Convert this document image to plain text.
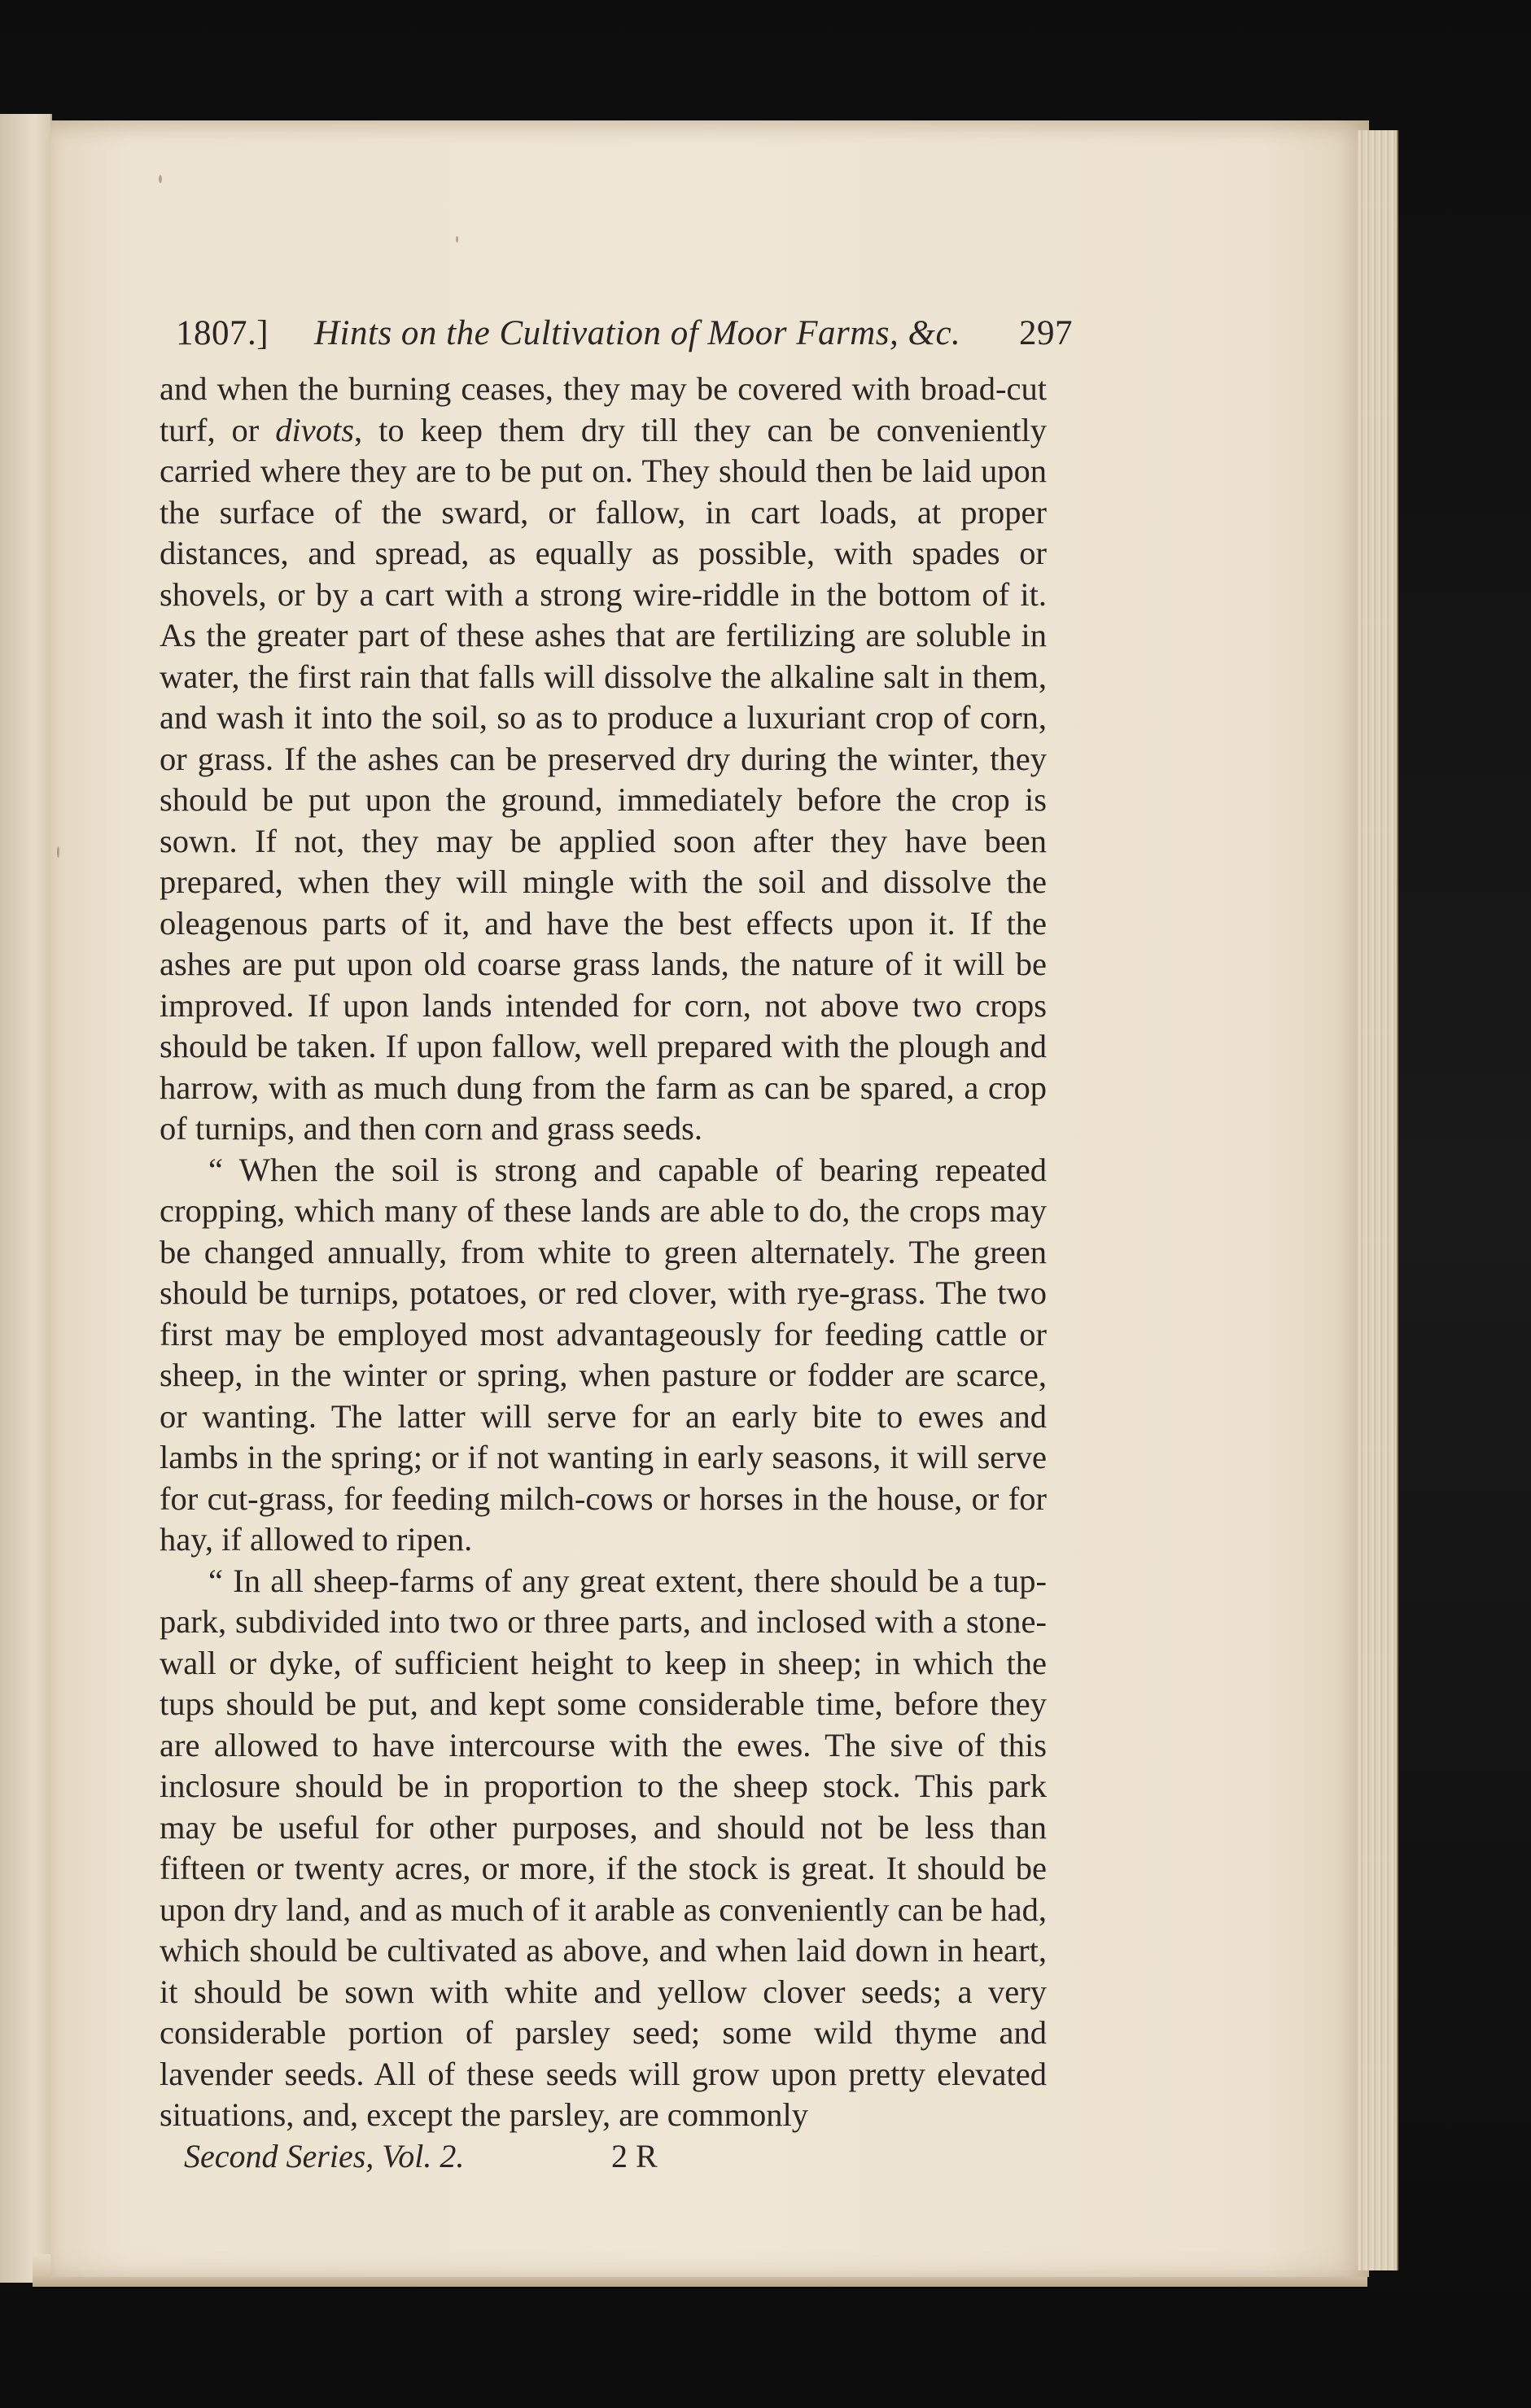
1807.] Hints on the Cultivation of Moor Farms, &c. 297

and when the burning ceases, they may be covered with broad-cut turf, or divots, to keep them dry till they can be conveniently carried where they are to be put on. They should then be laid upon the surface of the sward, or fallow, in cart loads, at proper distances, and spread, as equally as possible, with spades or shovels, or by a cart with a strong wire-riddle in the bottom of it. As the greater part of these ashes that are fertilizing are soluble in water, the first rain that falls will dissolve the alkaline salt in them, and wash it into the soil, so as to produce a luxuriant crop of corn, or grass. If the ashes can be preserved dry during the winter, they should be put upon the ground, immediately before the crop is sown. If not, they may be applied soon after they have been prepared, when they will mingle with the soil and dissolve the oleagenous parts of it, and have the best effects upon it. If the ashes are put upon old coarse grass lands, the nature of it will be improved. If upon lands intended for corn, not above two crops should be taken. If upon fallow, well prepared with the plough and harrow, with as much dung from the farm as can be spared, a crop of turnips, and then corn and grass seeds.

“ When the soil is strong and capable of bearing repeated cropping, which many of these lands are able to do, the crops may be changed annually, from white to green alternately. The green should be turnips, potatoes, or red clover, with rye-grass. The two first may be employed most advantageously for feeding cattle or sheep, in the winter or spring, when pasture or fodder are scarce, or wanting. The latter will serve for an early bite to ewes and lambs in the spring; or if not wanting in early seasons, it will serve for cut-grass, for feeding milch-cows or horses in the house, or for hay, if allowed to ripen.

“ In all sheep-farms of any great extent, there should be a tup-park, subdivided into two or three parts, and inclosed with a stone-wall or dyke, of sufficient height to keep in sheep; in which the tups should be put, and kept some considerable time, before they are allowed to have intercourse with the ewes. The sive of this inclosure should be in proportion to the sheep stock. This park may be useful for other purposes, and should not be less than fifteen or twenty acres, or more, if the stock is great. It should be upon dry land, and as much of it arable as conveniently can be had, which should be cultivated as above, and when laid down in heart, it should be sown with white and yellow clover seeds; a very considerable portion of parsley seed; some wild thyme and lavender seeds. All of these seeds will grow upon pretty elevated situations, and, except the parsley, are commonly

Second Series, Vol. 2.	2 R
